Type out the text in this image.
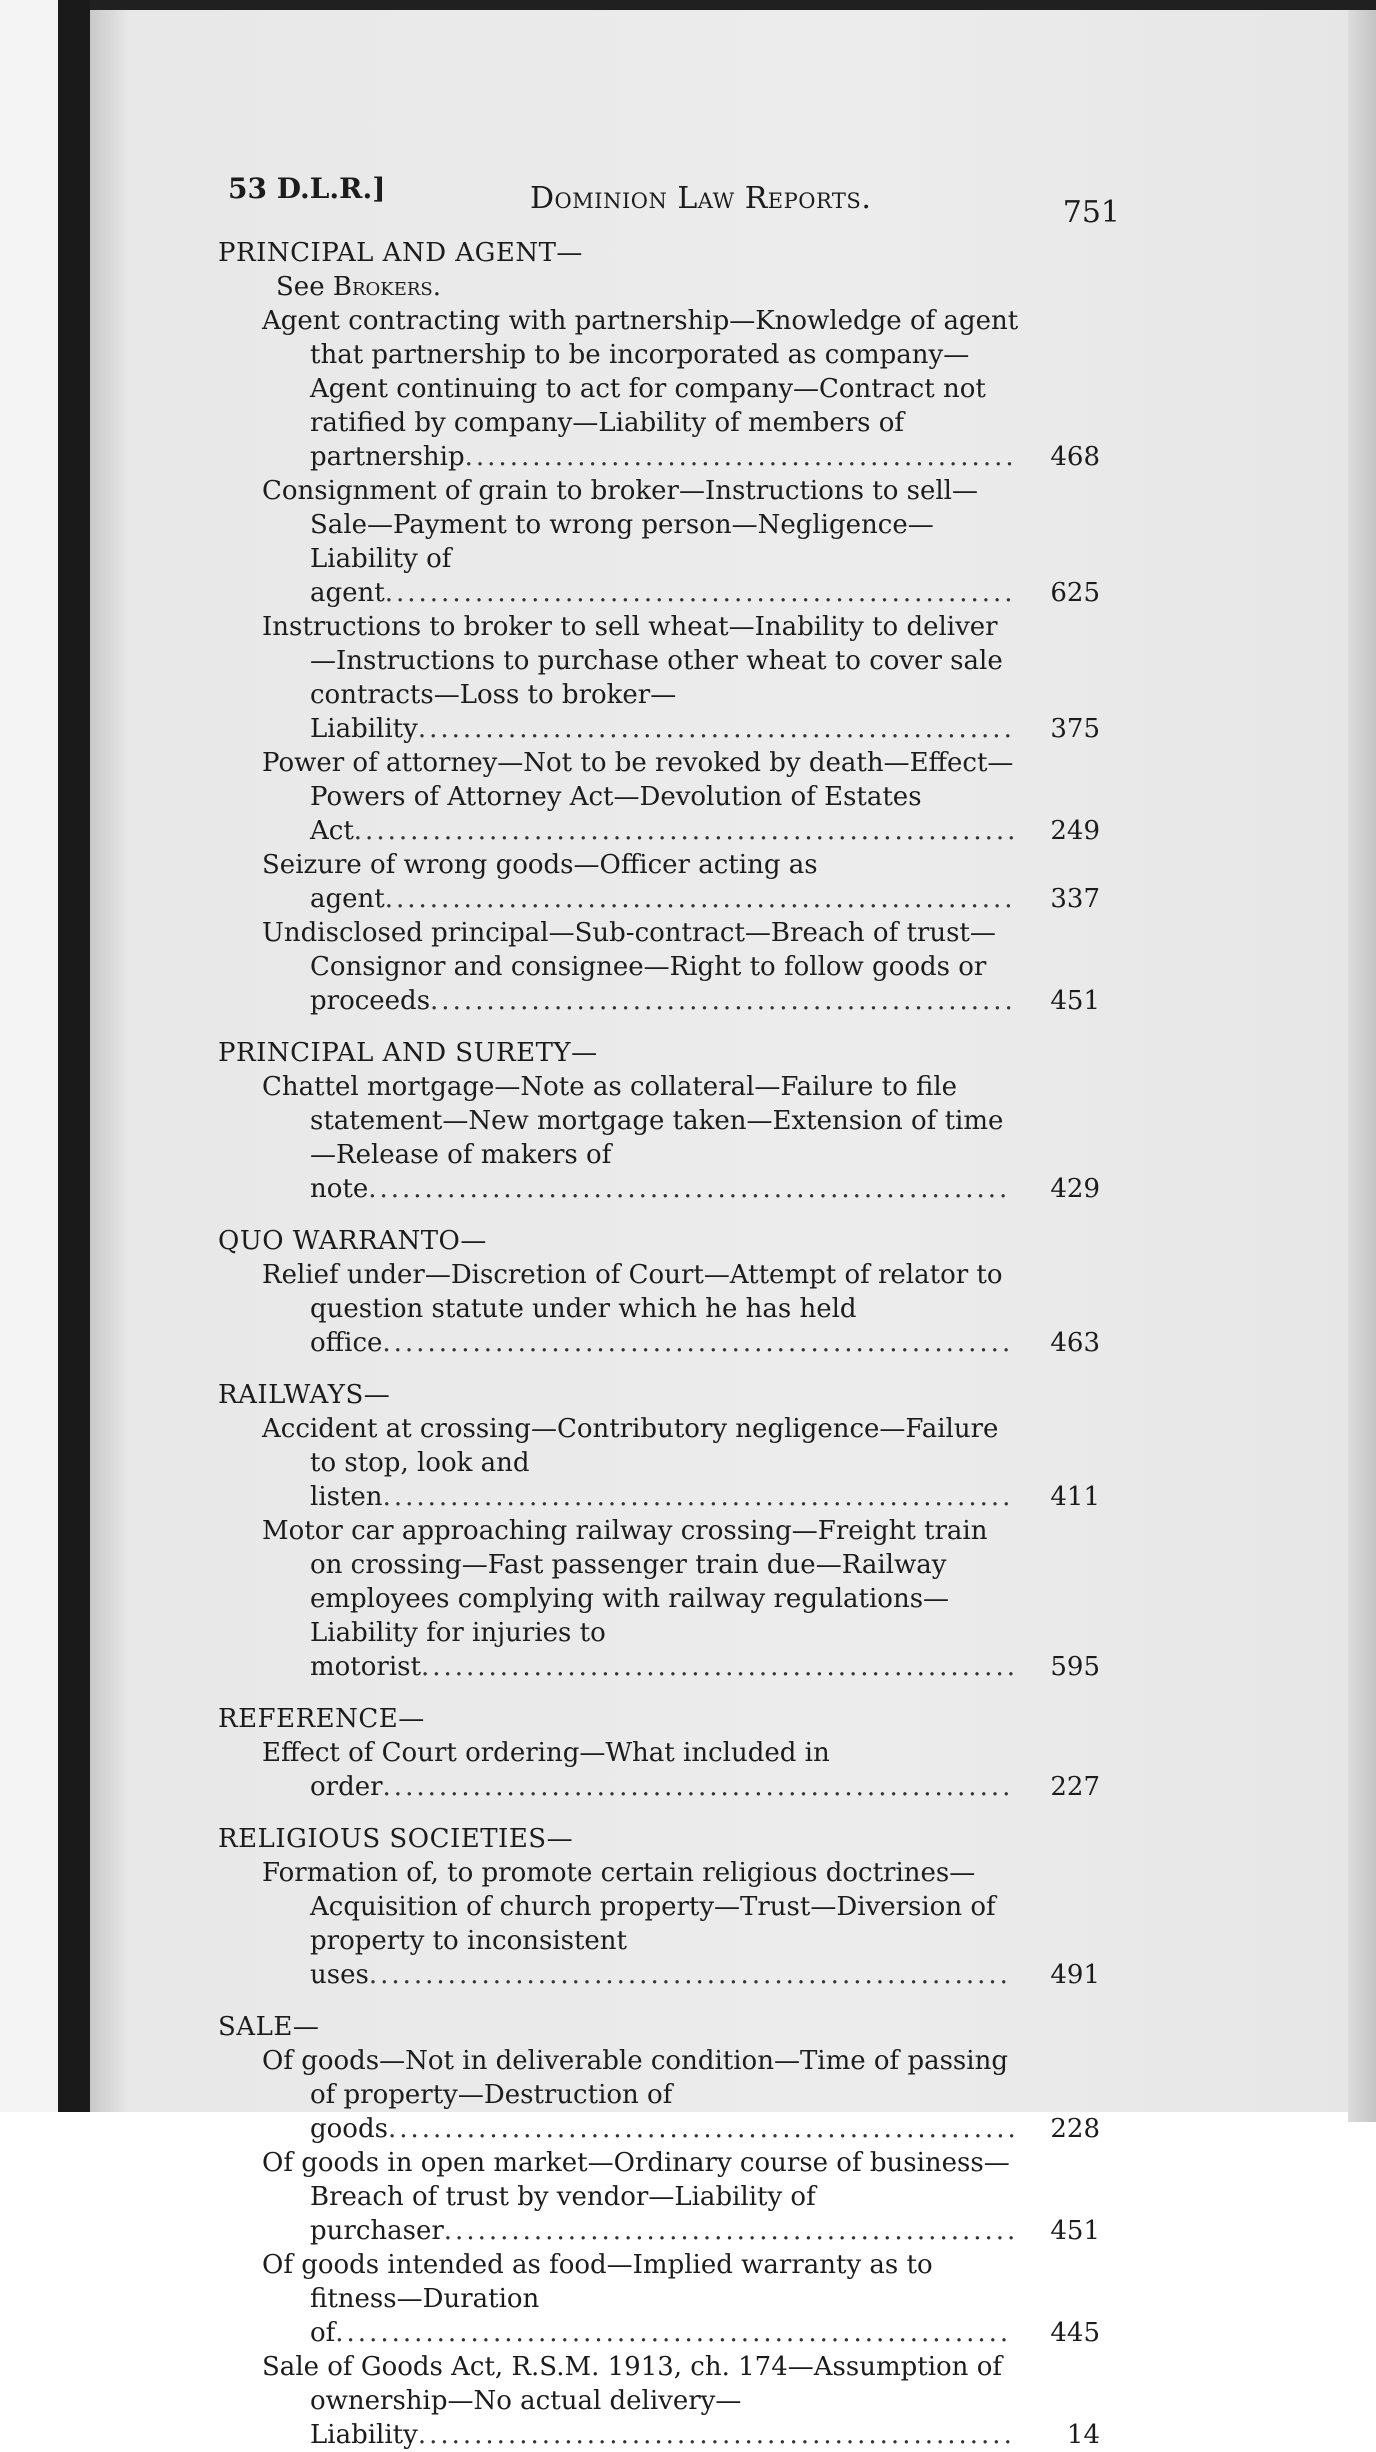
53 D.L.R.]	Dominion Law Reports.	751
PRINCIPAL AND AGENT—
See Brokers.
Agent contracting with partnership—Knowledge of agent that partnership to be incorporated as company—Agent continuing to act for company—Contract not ratified by company—Liability of members of partnership.................................................	468
Consignment of grain to broker—Instructions to sell—Sale—Payment to wrong person—Negligence—Liability of agent........................................................	625
Instructions to broker to sell wheat—Inability to deliver—Instructions to purchase other wheat to cover sale contracts—Loss to broker—Liability.....................................................	375
Power of attorney—Not to be revoked by death—Effect—Powers of Attorney Act—Devolution of Estates Act...........................................................	249
Seizure of wrong goods—Officer acting as agent........................................................	337
Undisclosed principal—Sub-contract—Breach of trust—Consignor and consignee—Right to follow goods or proceeds....................................................	451
PRINCIPAL AND SURETY—
Chattel mortgage—Note as collateral—Failure to file statement—New mortgage taken—Extension of time—Release of makers of note.........................................................	429
QUO WARRANTO—
Relief under—Discretion of Court—Attempt of relator to question statute under which he has held office........................................................	463
RAILWAYS—
Accident at crossing—Contributory negligence—Failure to stop, look and listen........................................................	411
Motor car approaching railway crossing—Freight train on crossing—Fast passenger train due—Railway employees complying with railway regulations—Liability for injuries to motorist.....................................................	595
REFERENCE—
Effect of Court ordering—What included in order........................................................	227
RELIGIOUS SOCIETIES—
Formation of, to promote certain religious doctrines—Acquisition of church property—Trust—Diversion of property to inconsistent uses.........................................................	491
SALE—
Of goods—Not in deliverable condition—Time of passing of property—Destruction of goods........................................................	228
Of goods in open market—Ordinary course of business—Breach of trust by vendor—Liability of purchaser...................................................	451
Of goods intended as food—Implied warranty as to fitness—Duration of............................................................	445
Sale of Goods Act, R.S.M. 1913, ch. 174—Assumption of ownership—No actual delivery—Liability.....................................................	14
